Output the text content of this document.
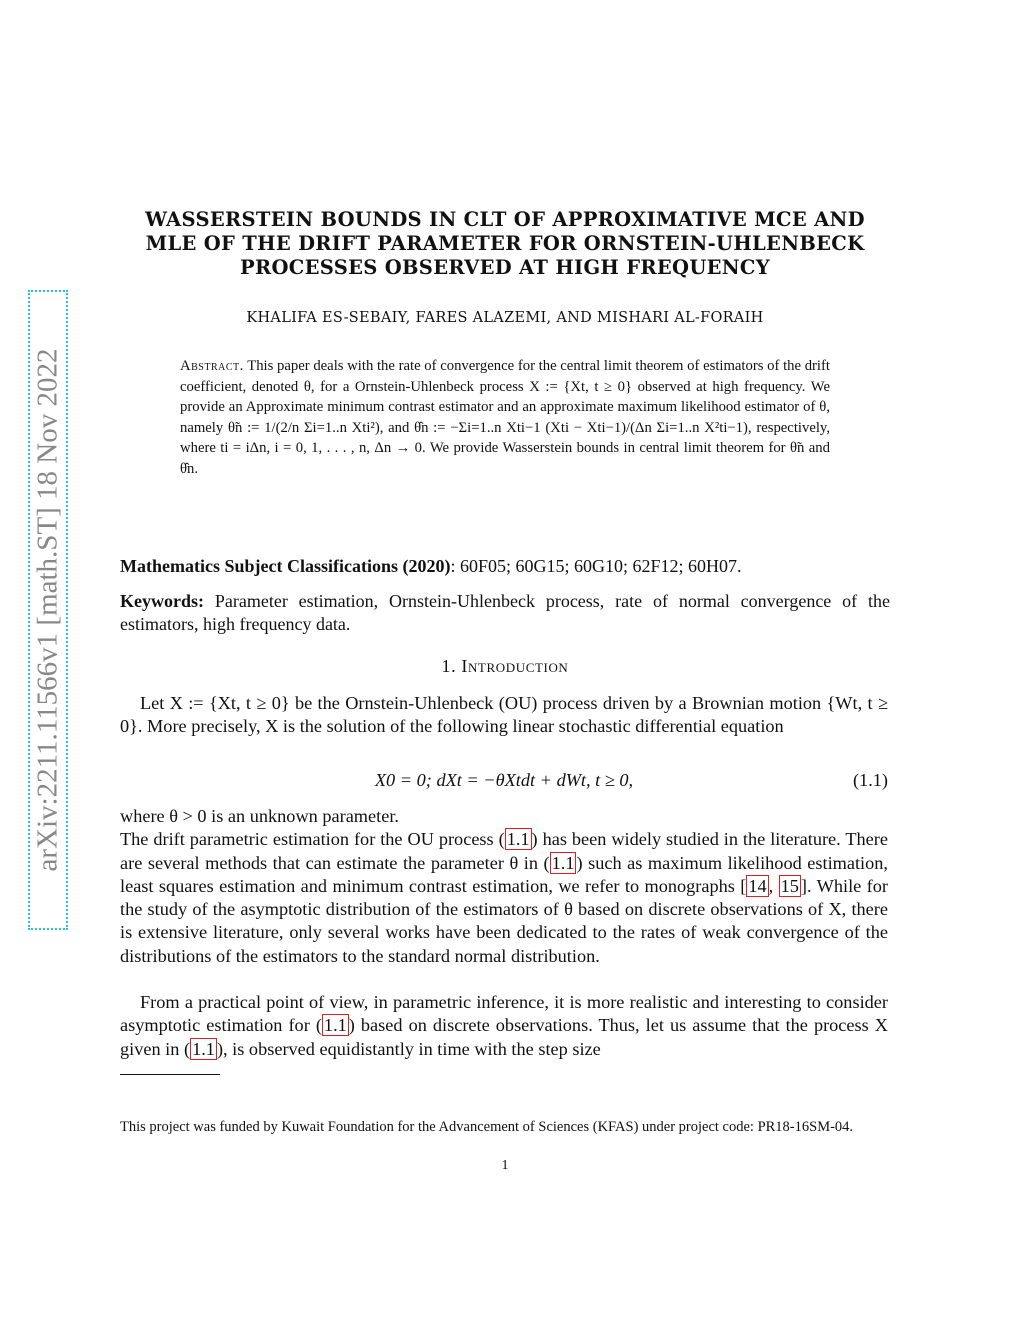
arXiv:2211.11566v1 [math.ST] 18 Nov 2022
WASSERSTEIN BOUNDS IN CLT OF APPROXIMATIVE MCE AND
MLE OF THE DRIFT PARAMETER FOR ORNSTEIN-UHLENBECK
PROCESSES OBSERVED AT HIGH FREQUENCY
KHALIFA ES-SEBAIY, FARES ALAZEMI, AND MISHARI AL-FORAIH

Abstract. This paper deals with the rate of convergence for the central limit theorem of estimators of the drift coefficient, denoted θ, for a Ornstein-Uhlenbeck process X := {Xt, t ≥ 0} observed at high frequency. We provide an Approximate minimum contrast estimator and an approximate maximum likelihood estimator of θ, namely θ̃n := 1/(2/n Σi=1..n Xti²), and θ̂n := −Σi=1..n Xti−1 (Xti − Xti−1)/(Δn Σi=1..n X²ti−1), respectively, where ti = iΔn, i = 0, 1, . . . , n, Δn → 0. We provide Wasserstein bounds in central limit theorem for θ̃n and θ̂n.

Mathematics Subject Classifications (2020): 60F05; 60G15; 60G10; 62F12; 60H07.
Keywords: Parameter estimation, Ornstein-Uhlenbeck process, rate of normal convergence of the estimators, high frequency data.
1. Introduction

Let X := {Xt, t ≥ 0} be the Ornstein-Uhlenbeck (OU) process driven by a Brownian motion {Wt, t ≥ 0}. More precisely, X is the solution of the following linear stochastic differential equation

X0 = 0; dXt = −θXtdt + dWt, t ≥ 0,	(1.1)

where θ > 0 is an unknown parameter.

The drift parametric estimation for the OU process ( 1.1 ) has been widely studied in the literature. There are several methods that can estimate the parameter θ in ( 1.1 ) such as maximum likelihood estimation, least squares estimation and minimum contrast estimation, we refer to monographs [ 14 , 15 ]. While for the study of the asymptotic distribution of the estimators of θ based on discrete observations of X, there is extensive literature, only several works have been dedicated to the rates of weak convergence of the distributions of the estimators to the standard normal distribution.

From a practical point of view, in parametric inference, it is more realistic and interesting to consider asymptotic estimation for ( 1.1 ) based on discrete observations. Thus, let us assume that the process X given in ( 1.1 ), is observed equidistantly in time with the step size

This project was funded by Kuwait Foundation for the Advancement of Sciences (KFAS) under project code: PR18-16SM-04.
1
